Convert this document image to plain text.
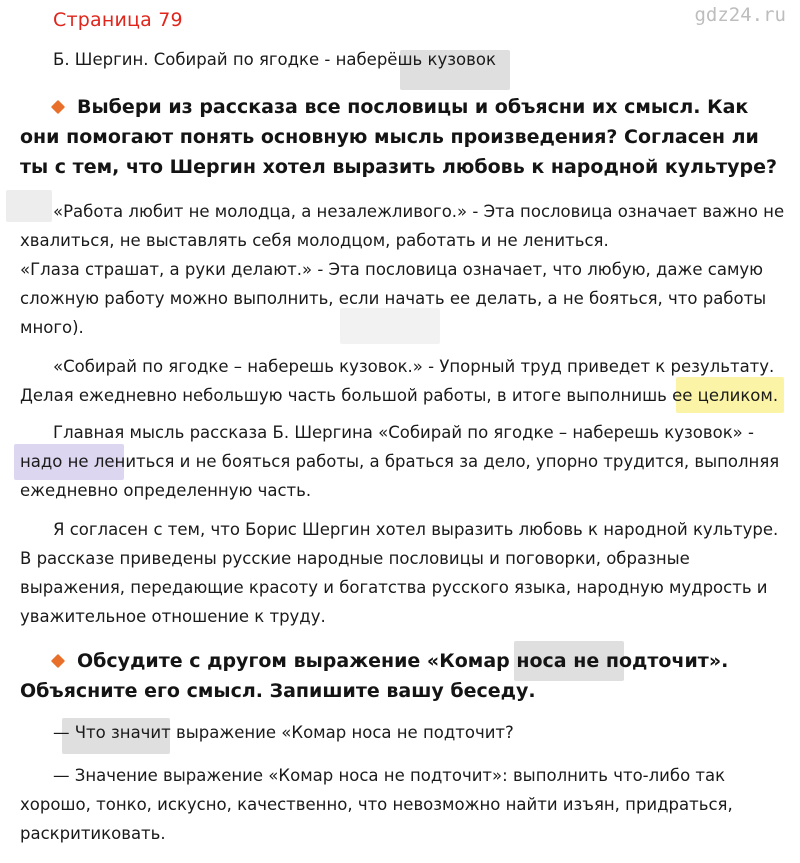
gdz24.ru
Страница 79
Б. Шергин. Собирай по ягодке - наберёшь кузовок
Выбери из рассказа все пословицы и объясни их смысл. Как они помогают понять основную мысль произведения? Согласен ли ты с тем, что Шергин хотел выразить любовь к народной культуре?

«Работа любит не молодца, а незалежливого.» - Эта пословица означает важно не хвалиться, не выставлять себя молодцом, работать и не лениться.

«Глаза страшат, а руки делают.» - Эта пословица означает, что любую, даже самую сложную работу можно выполнить, если начать ее делать, а не бояться, что работы много).

«Собирай по ягодке – наберешь кузовок.» - Упорный труд приведет к результату. Делая ежедневно небольшую часть большой работы, в итоге выполнишь ее целиком.

Главная мысль рассказа Б. Шергина «Собирай по ягодке – наберешь кузовок» - надо не лениться и не бояться работы, а браться за дело, упорно трудится, выполняя ежедневно определенную часть.

Я согласен с тем, что Борис Шергин хотел выразить любовь к народной культуре. В рассказе приведены русские народные пословицы и поговорки, образные выражения, передающие красоту и богатства русского языка, народную мудрость и уважительное отношение к труду.

Обсудите с другом выражение «Комар носа не подточит». Объясните его смысл. Запишите вашу беседу.

— Что значит выражение «Комар носа не подточит?

— Значение выражение «Комар носа не подточит»: выполнить что-либо так хорошо, тонко, искусно, качественно, что невозможно найти изъян, придраться, раскритиковать.
